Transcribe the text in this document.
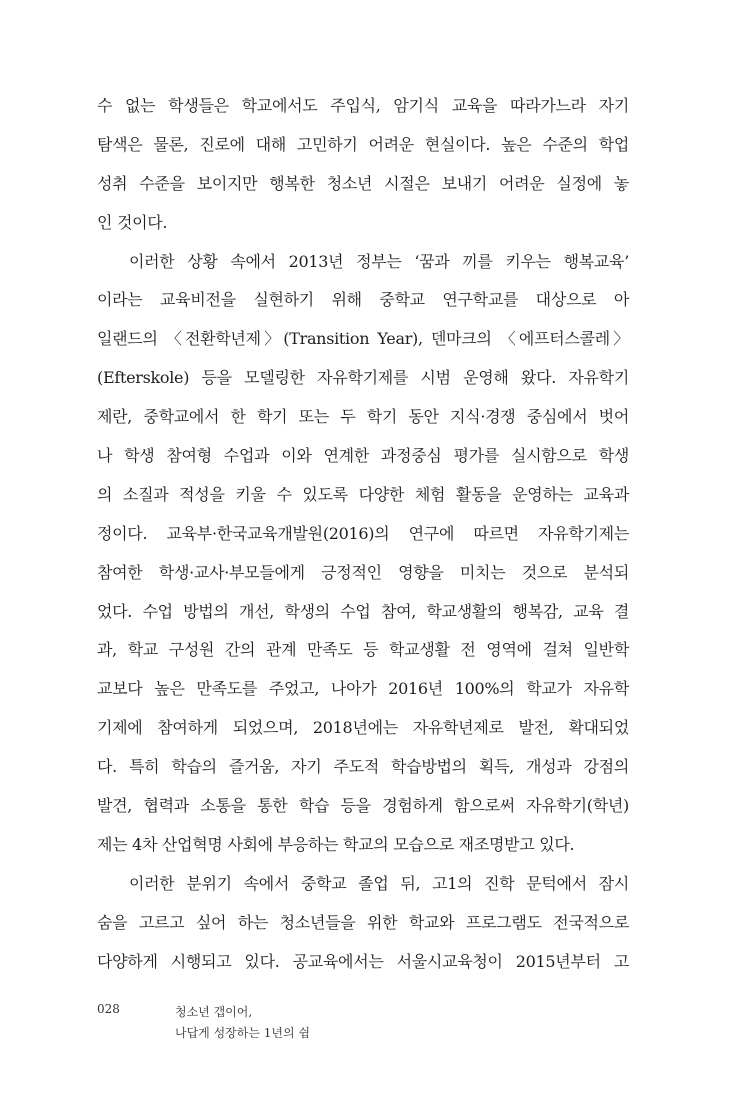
수 없는 학생들은 학교에서도 주입식, 암기식 교육을 따라가느라 자기
탐색은 물론, 진로에 대해 고민하기 어려운 현실이다. 높은 수준의 학업
성취 수준을 보이지만 행복한 청소년 시절은 보내기 어려운 실정에 놓
인 것이다.
이러한 상황 속에서 2013년 정부는 ‘꿈과 끼를 키우는 행복교육’
이라는 교육비전을 실현하기 위해 중학교 연구학교를 대상으로 아
일랜드의 〈전환학년제〉(Transition Year), 덴마크의 〈에프터스콜레〉
(Efterskole) 등을 모델링한 자유학기제를 시범 운영해 왔다. 자유학기
제란, 중학교에서 한 학기 또는 두 학기 동안 지식·경쟁 중심에서 벗어
나 학생 참여형 수업과 이와 연계한 과정중심 평가를 실시함으로 학생
의 소질과 적성을 키울 수 있도록 다양한 체험 활동을 운영하는 교육과
정이다. 교육부·한국교육개발원(2016)의 연구에 따르면 자유학기제는
참여한 학생·교사·부모들에게 긍정적인 영향을 미치는 것으로 분석되
었다. 수업 방법의 개선, 학생의 수업 참여, 학교생활의 행복감, 교육 결
과, 학교 구성원 간의 관계 만족도 등 학교생활 전 영역에 걸쳐 일반학
교보다 높은 만족도를 주었고, 나아가 2016년 100%의 학교가 자유학
기제에 참여하게 되었으며, 2018년에는 자유학년제로 발전, 확대되었
다. 특히 학습의 즐거움, 자기 주도적 학습방법의 획득, 개성과 강점의
발견, 협력과 소통을 통한 학습 등을 경험하게 함으로써 자유학기(학년)
제는 4차 산업혁명 사회에 부응하는 학교의 모습으로 재조명받고 있다.
이러한 분위기 속에서 중학교 졸업 뒤, 고1의 진학 문턱에서 잠시
숨을 고르고 싶어 하는 청소년들을 위한 학교와 프로그램도 전국적으로
다양하게 시행되고 있다. 공교육에서는 서울시교육청이 2015년부터 고
028	청소년 갭이어,
나답게 성장하는 1년의 쉼
